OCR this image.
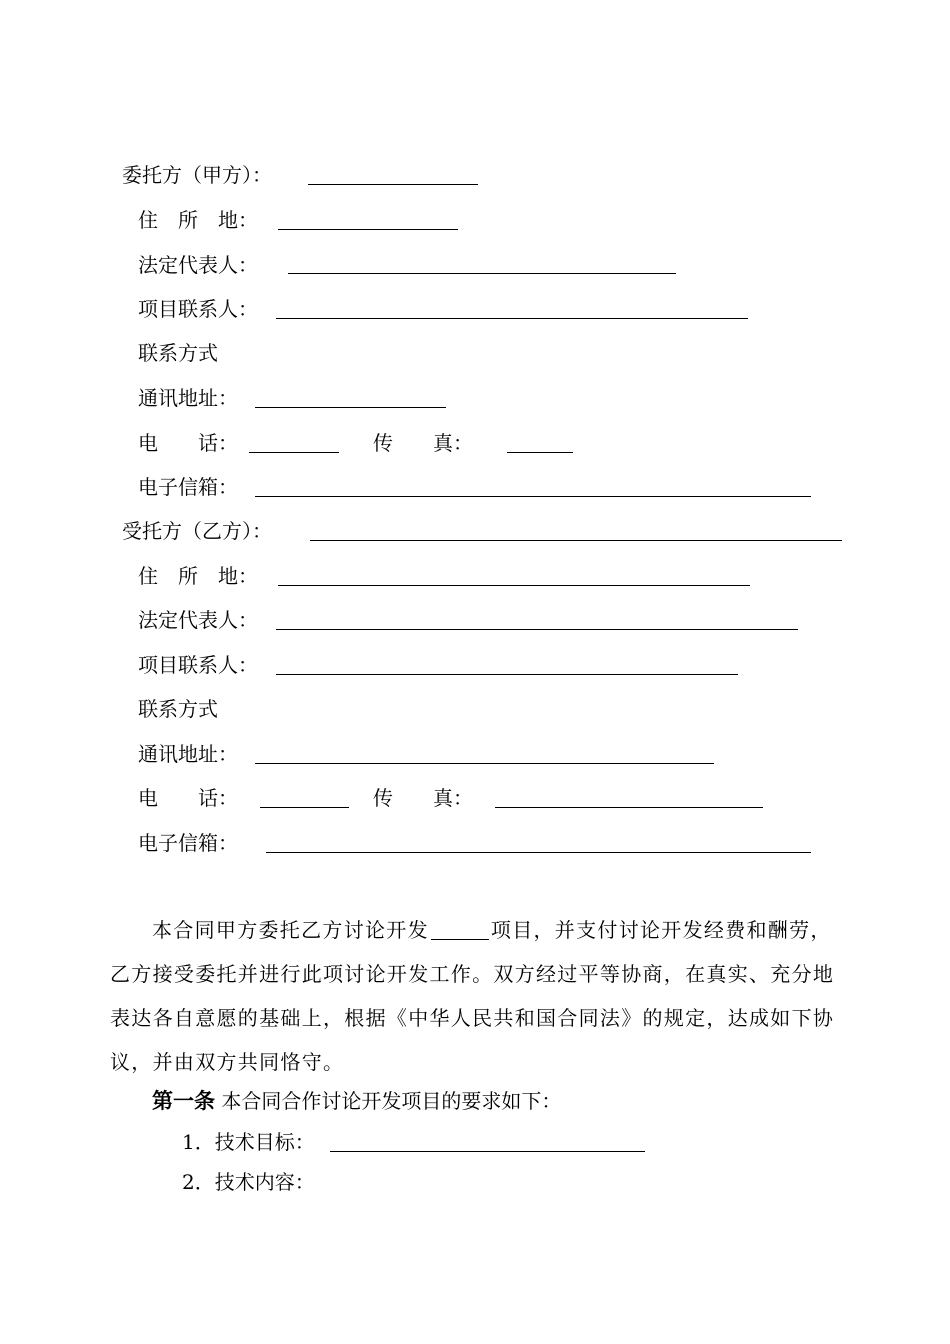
委托方（甲方）：
住　所　地：
法定代表人：
项目联系人：
联系方式
通讯地址：
电　　话：	传　　真：
电子信箱：
受托方（乙方）：
住　所　地：
法定代表人：
项目联系人：
联系方式
通讯地址：
电　　话：	传　　真：
电子信箱：
本合同甲方委托乙方讨论开发	项目，并支付讨论开发经费和酬劳，乙方接受委托并进行此项讨论开发工作。双方经过平等协商，在真实、充分地表达各自意愿的基础上，根据《中华人民共和国合同法》的规定，达成如下协议，并由双方共同恪守。
第一条 本合同合作讨论开发项目的要求如下：
1．技术目标：
2．技术内容：
